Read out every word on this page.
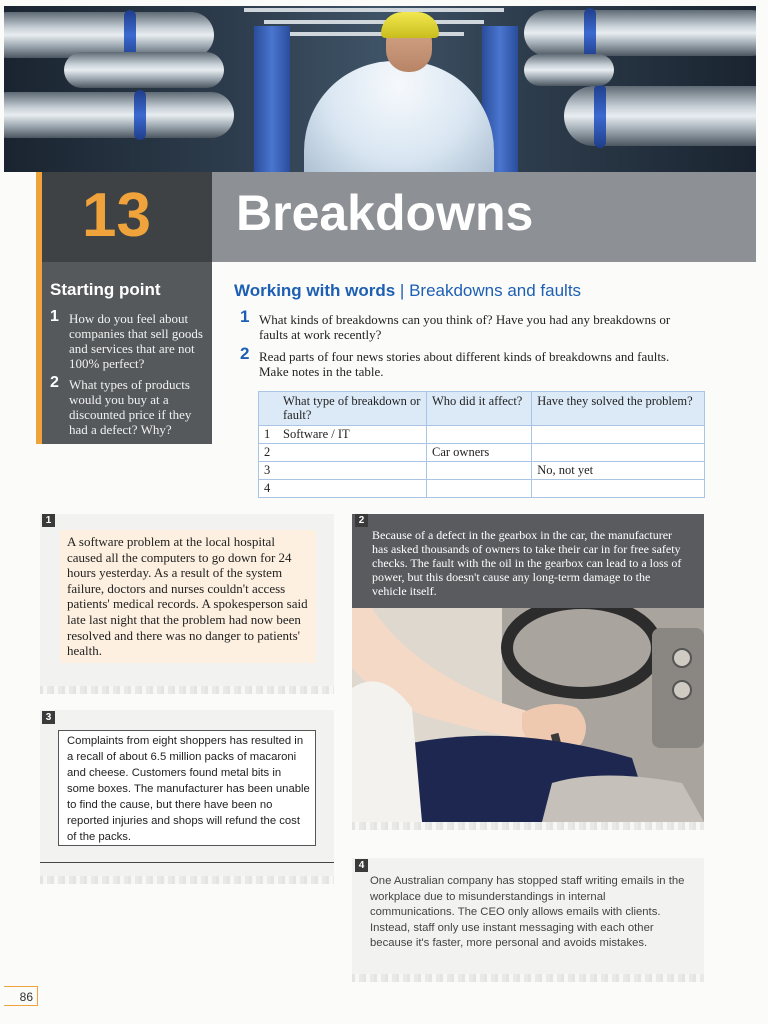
13 Breakdowns
Starting point
1 How do you feel about companies that sell goods and services that are not 100% perfect?
2 What types of products would you buy at a discounted price if they had a defect? Why?
Working with words | Breakdowns and faults
1 What kinds of breakdowns can you think of? Have you had any breakdowns or faults at work recently?
2 Read parts of four news stories about different kinds of breakdowns and faults. Make notes in the table.
	What type of breakdown or fault?	Who did it affect?	Have they solved the problem?
1	Software / IT		
2		Car owners	
3			No, not yet
4			
1
A software problem at the local hospital caused all the computers to go down for 24 hours yesterday. As a result of the system failure, doctors and nurses couldn't access patients' medical records. A spokesperson said late last night that the problem had now been resolved and there was no danger to patients' health.
3
Complaints from eight shoppers has resulted in a recall of about 6.5 million packs of macaroni and cheese. Customers found metal bits in some boxes. The manufacturer has been unable to find the cause, but there have been no reported injuries and shops will refund the cost of the packs.
2
Because of a defect in the gearbox in the car, the manufacturer has asked thousands of owners to take their car in for free safety checks. The fault with the oil in the gearbox can lead to a loss of power, but this doesn't cause any long-term damage to the vehicle itself.
4
One Australian company has stopped staff writing emails in the workplace due to misunderstandings in internal communications. The CEO only allows emails with clients. Instead, staff only use instant messaging with each other because it's faster, more personal and avoids mistakes.
86
